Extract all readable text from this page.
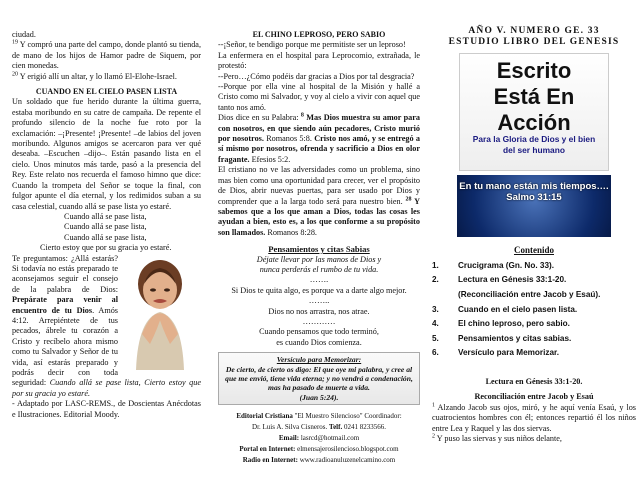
ciudad.

$^{19}$ Y compró una parte del campo, donde plantó su tienda, de mano de los hijos de Hamor padre de Siquem, por cien monedas.

$^{20}$ Y erigió allí un altar, y lo llamó El-Elohe-Israel.

CUANDO EN EL CIELO PASEN LISTA

Un soldado que fue herido durante la última guerra, estaba moribundo en su catre de campaña. De repente el profundo silencio de la noche fue roto por la exclamación: –¡Presente! ¡Presente! –de labios del joven moribundo. Algunos amigos se acercaron para ver qué deseaba. –Escuchen –dijo–. Están pasando lista en el cielo. Unos minutos más tarde, pasó a la presencia del Rey. Este relato nos recuerda el famoso himno que dice: Cuando la trompeta del Señor se toque la final, con fulgor apunte el día eternal, y los redimidos suban a su casa celestial, cuando allá se pase lista yo estaré.

Cuando allá se pase lista,

Cuando allá se pase lista,

Cuando allá se pase lista,

Cierto estoy que por su gracia yo estaré.

Te preguntamos: ¿Allá estarás? Si todavía no estás preparado te aconsejamos seguir el consejo de la palabra de Dios: Prepárate para venir al encuentro de tu Dios. Amós 4:12. Arrepiéntete de tus pecados, ábrele tu corazón a Cristo y recíbelo ahora mismo como tu Salvador y Señor de tu vida, así estarás preparado y podrás decir con toda seguridad: Cuando allá se pase lista, Cierto estoy que por su gracia yo estaré.

- Adaptado por LASC-REMS., de Doscientas Anécdotas e Ilustraciones. Editorial Moody.

EL CHINO LEPROSO, PERO SABIO

--¡Señor, te bendigo porque me permitiste ser un leproso!

La enfermera en el hospital para Leprocomio, extrañada, le protestó:

--Pero…¿Cómo podéis dar gracias a Dios por tal desgracia?

--Porque por ella vine al hospital de la Misión y hallé a Cristo como mi Salvador, y voy al cielo a vivir con aquel que tanto nos amó.

Dios dice en su Palabra: $^8$ Mas Dios muestra su amor para con nosotros, en que siendo aún pecadores, Cristo murió por nosotros. Romanos 5:8. Cristo nos amó, y se entregó a sí mismo por nosotros, ofrenda y sacrificio a Dios en olor fragante. Efesios 5:2.

El cristiano no ve las adversidades como un problema, sino mas bien como una oportunidad para crecer, ver el propósito de Dios, abrir nuevas puertas, para ser usado por Dios y comprender que a la larga todo será para nuestro bien. $^{28}$ Y sabemos que a los que aman a Dios, todas las cosas les ayudan a bien, esto es, a los que conforme a su propósito son llamados. Romanos 8:28.

Pensamientos y citas Sabias

Déjate llevar por las manos de Dios y

nunca perderás el rumbo de tu vida.

…….

Si Dios te quita algo, es porque va a darte algo mejor.

……..

Dios no nos arrastra, nos atrae.

…………

Cuando pensamos que todo terminó,

es cuando Dios comienza.

Versículo para Memorizar:
De cierto, de cierto os digo: El que oye mi palabra, y cree al que me envió, tiene vida eterna; y no vendrá a condenación, mas ha pasado de muerte a vida.
(Juan 5:24).
Editorial Cristiana "El Muestro Silencioso" Coordinador:
Dr. Luis A. Silva Cisneros. Telf. 0241 8233566.
Email: lasrcd@hotmail.com
Portal en Internet: elmensajerosilencioso.blogspot.com
Radio en Internet: www.radioanuluzenelcamino.com
AÑO V. NUMERO GE. 33
ESTUDIO LIBRO DEL GENESIS
Escrito
Está En
Acción
Para la Gloria de Dios y el bien del ser humano
En tu mano están mis tiempos…. Salmo 31:15
Contenido
1.	Crucigrama (Gn. No. 33).
2.	Lectura en Génesis 33:1-20.
(Reconciliación entre Jacob y Esaú).
3.	Cuando en el cielo pasen lista.
4.	El chino leproso, pero sabio.
5.	Pensamientos y citas sabias.
6.	Versículo para Memorizar.
Lectura en Génesis 33:1-20.
Reconciliación entre Jacob y Esaú

$^1$ Alzando Jacob sus ojos, miró, y he aquí venía Esaú, y los cuatrocientos hombres con él; entonces repartió él los niños entre Lea y Raquel y las dos siervas.

$^2$ Y puso las siervas y sus niños delante,
